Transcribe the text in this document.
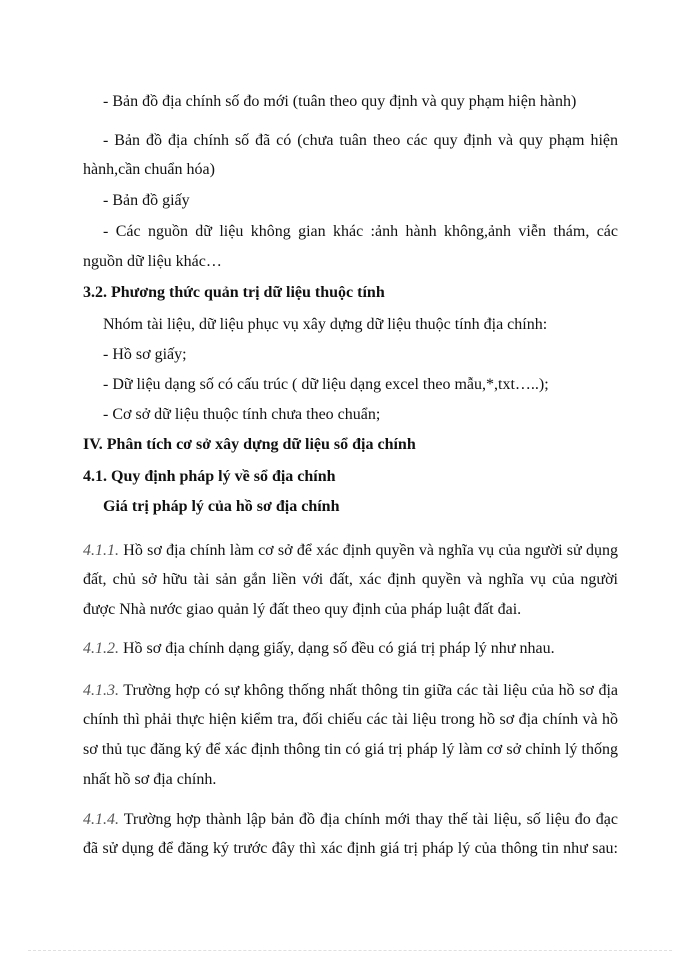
- Bản đồ địa chính số đo mới (tuân theo quy định và quy phạm hiện hành)
- Bản đồ địa chính số đã có (chưa tuân theo các quy định và quy phạm hiện
hành,cần chuẩn hóa)
- Bản đồ giấy
- Các nguồn dữ liệu không gian khác :ảnh hành không,ảnh viễn thám, các
nguồn dữ liệu khác…
3.2. Phương thức quản trị dữ liệu thuộc tính
Nhóm tài liệu, dữ liệu phục vụ xây dựng dữ liệu thuộc tính địa chính:
- Hồ sơ giấy;
- Dữ liệu dạng số có cấu trúc ( dữ liệu dạng excel theo mẫu,*,txt…..);
- Cơ sở dữ liệu thuộc tính chưa theo chuẩn;
IV. Phân tích cơ sở xây dựng dữ liệu sổ địa chính
4.1. Quy định pháp lý về sổ địa chính
Giá trị pháp lý của hồ sơ địa chính
4.1.1. Hồ sơ địa chính làm cơ sở để xác định quyền và nghĩa vụ của người sử dụng
đất, chủ sở hữu tài sản gắn liền với đất, xác định quyền và nghĩa vụ của người
được Nhà nước giao quản lý đất theo quy định của pháp luật đất đai.
4.1.2. Hồ sơ địa chính dạng giấy, dạng số đều có giá trị pháp lý như nhau.
4.1.3. Trường hợp có sự không thống nhất thông tin giữa các tài liệu của hồ sơ địa
chính thì phải thực hiện kiểm tra, đối chiếu các tài liệu trong hồ sơ địa chính và hồ
sơ thủ tục đăng ký để xác định thông tin có giá trị pháp lý làm cơ sở chỉnh lý thống
nhất hồ sơ địa chính.
4.1.4. Trường hợp thành lập bản đồ địa chính mới thay thế tài liệu, số liệu đo đạc
đã sử dụng để đăng ký trước đây thì xác định giá trị pháp lý của thông tin như sau:
